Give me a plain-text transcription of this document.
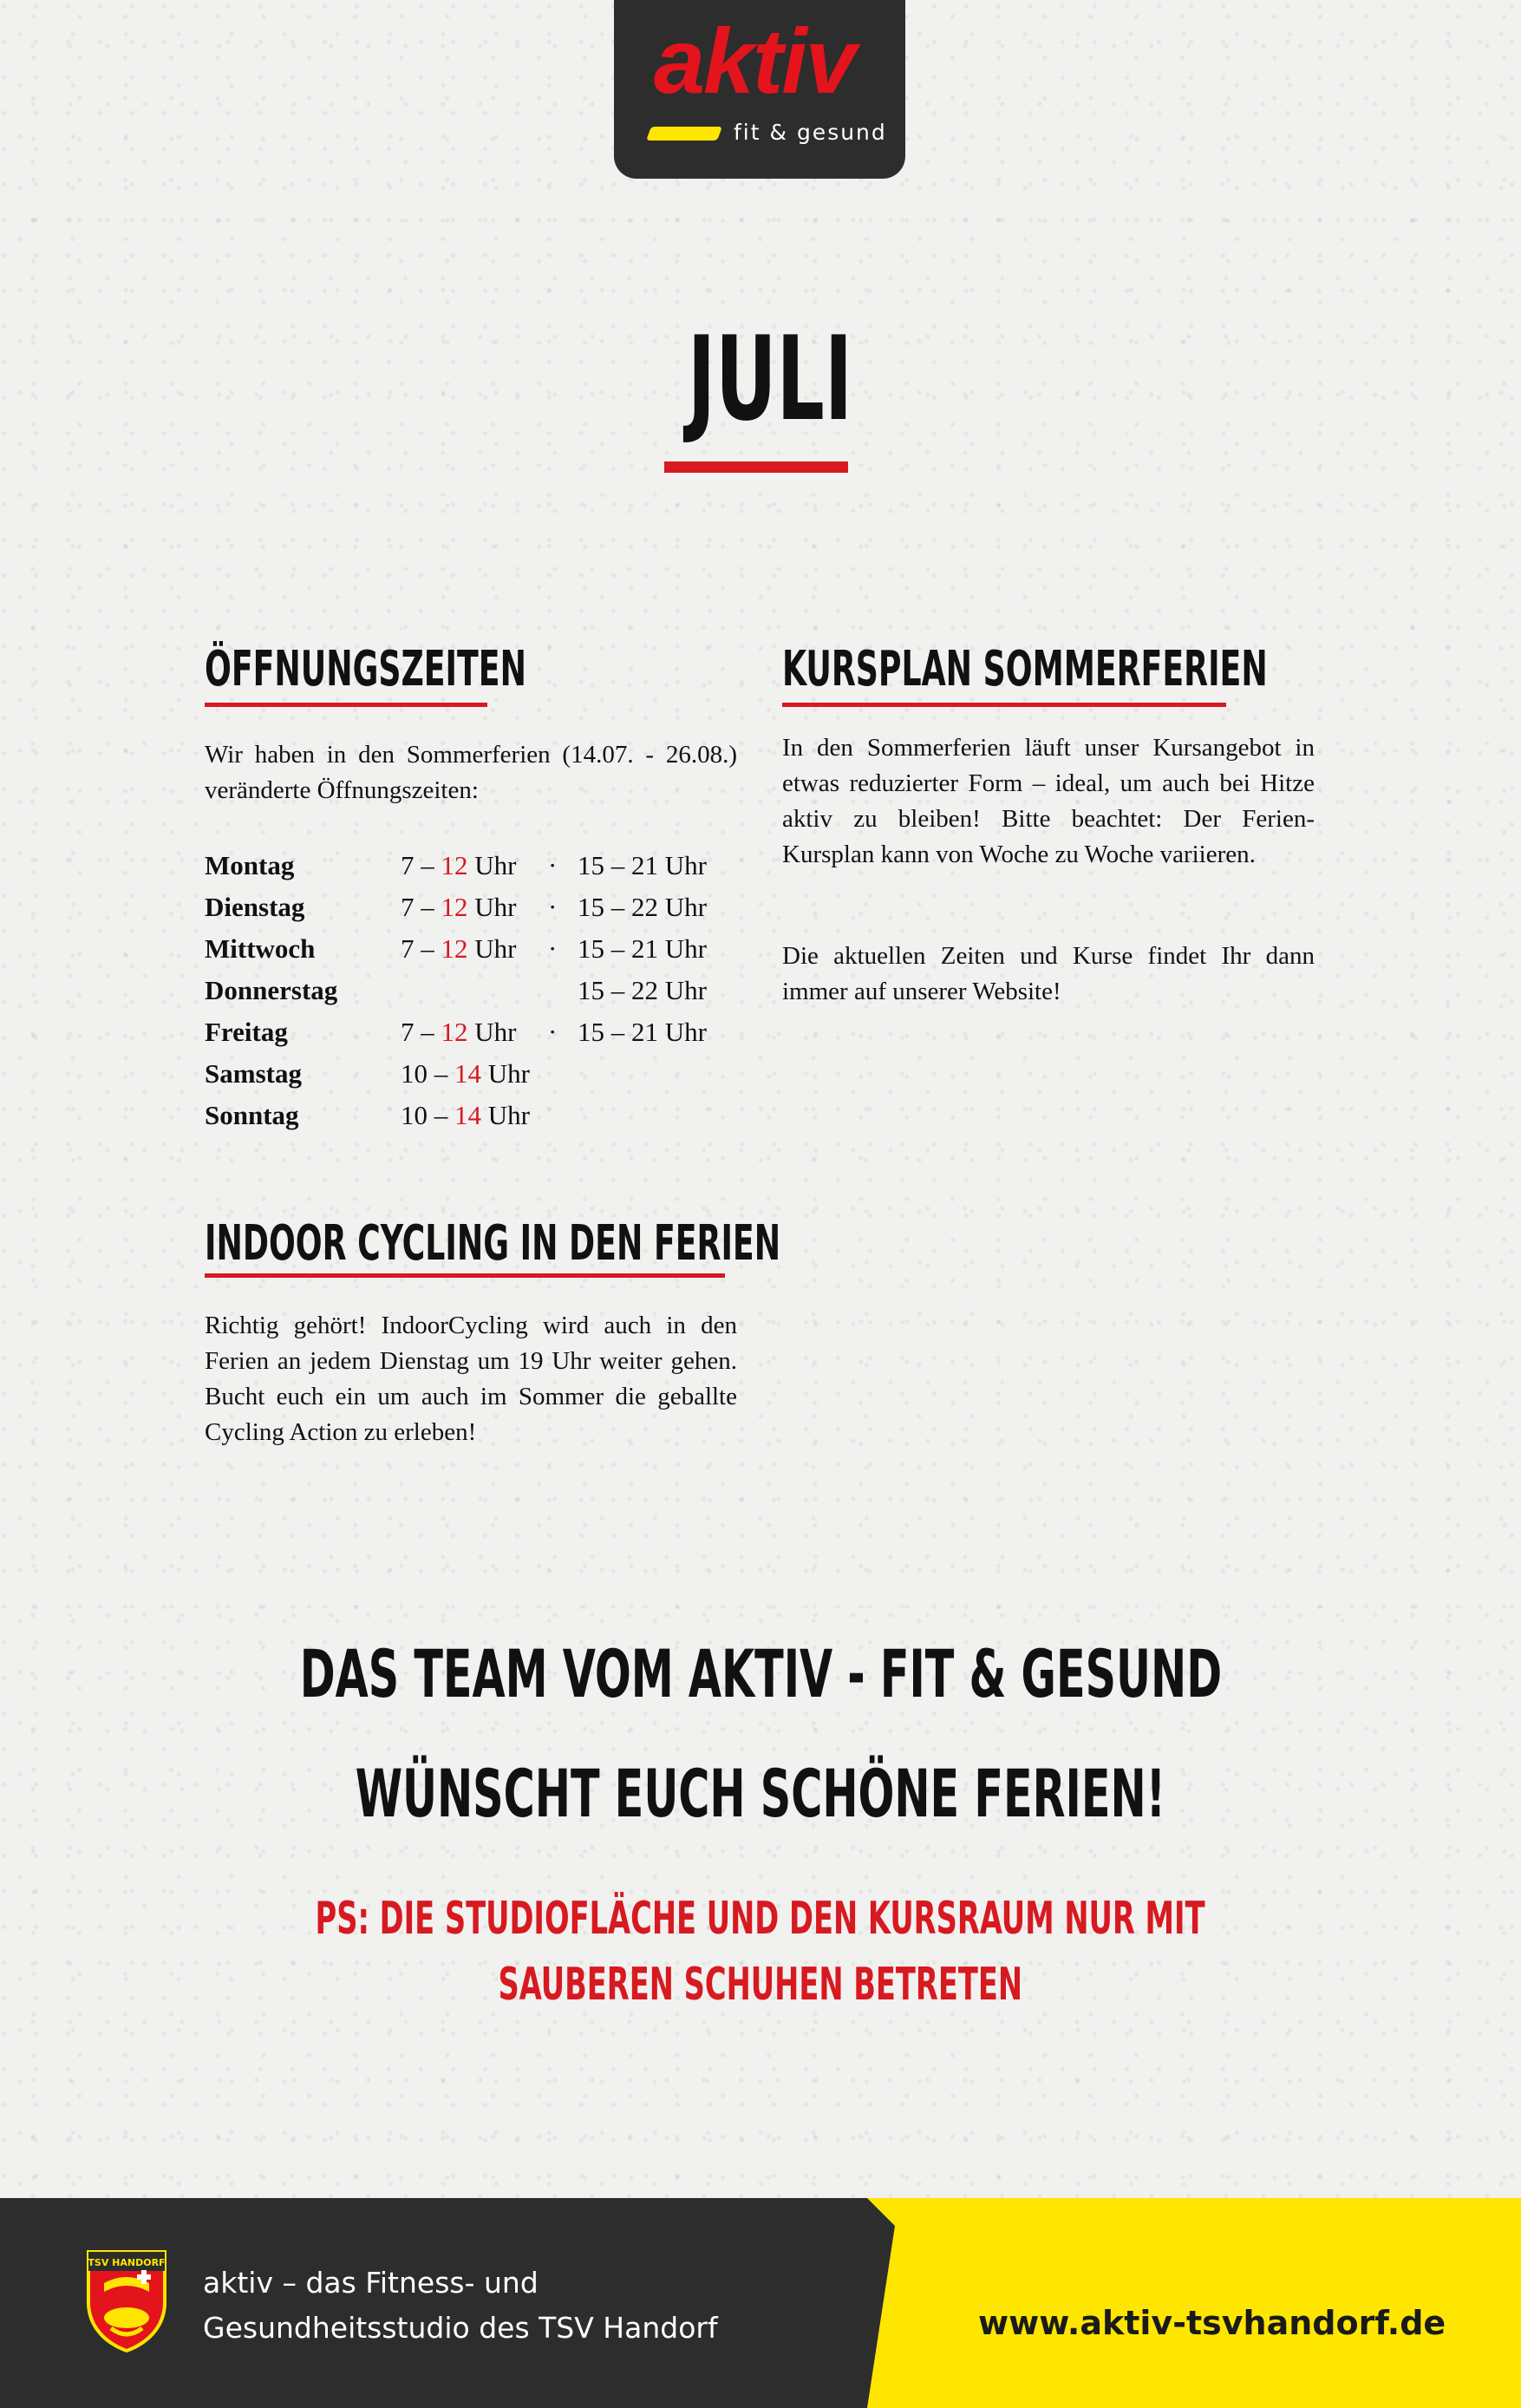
aktiv
fit & gesund
JULI
ÖFFNUNGSZEITEN

Wir haben in den Sommerferien (14.07. - 26.08.) veränderte Öffnungszeiten:

Montag	7 – 12 Uhr	·	15 – 21 Uhr
Dienstag	7 – 12 Uhr	·	15 – 22 Uhr
Mittwoch	7 – 12 Uhr	·	15 – 21 Uhr
Donnerstag			15 – 22 Uhr
Freitag	7 – 12 Uhr	·	15 – 21 Uhr
Samstag	10 – 14 Uhr		
Sonntag	10 – 14 Uhr		
KURSPLAN SOMMERFERIEN

In den Sommerferien läuft unser Kursangebot in etwas reduzierter Form – ideal, um auch bei Hitze aktiv zu bleiben! Bitte beachtet: Der Ferien-Kursplan kann von Woche zu Woche variieren.

Die aktuellen Zeiten und Kurse findet Ihr dann immer auf unserer Website!

INDOOR CYCLING IN DEN FERIEN

Richtig gehört! IndoorCycling wird auch in den Ferien an jedem Dienstag um 19 Uhr weiter gehen. Bucht euch ein um auch im Sommer die geballte Cycling Action zu erleben!

DAS TEAM VOM AKTIV - FIT & GESUND
WÜNSCHT EUCH SCHÖNE FERIEN!

PS: DIE STUDIOFLÄCHE UND DEN KURSRAUM NUR MIT

SAUBEREN SCHUHEN BETRETEN

TSV HANDORF

aktiv – das Fitness- und
Gesundheitsstudio des TSV Handorf	www.aktiv-tsvhandorf.de
